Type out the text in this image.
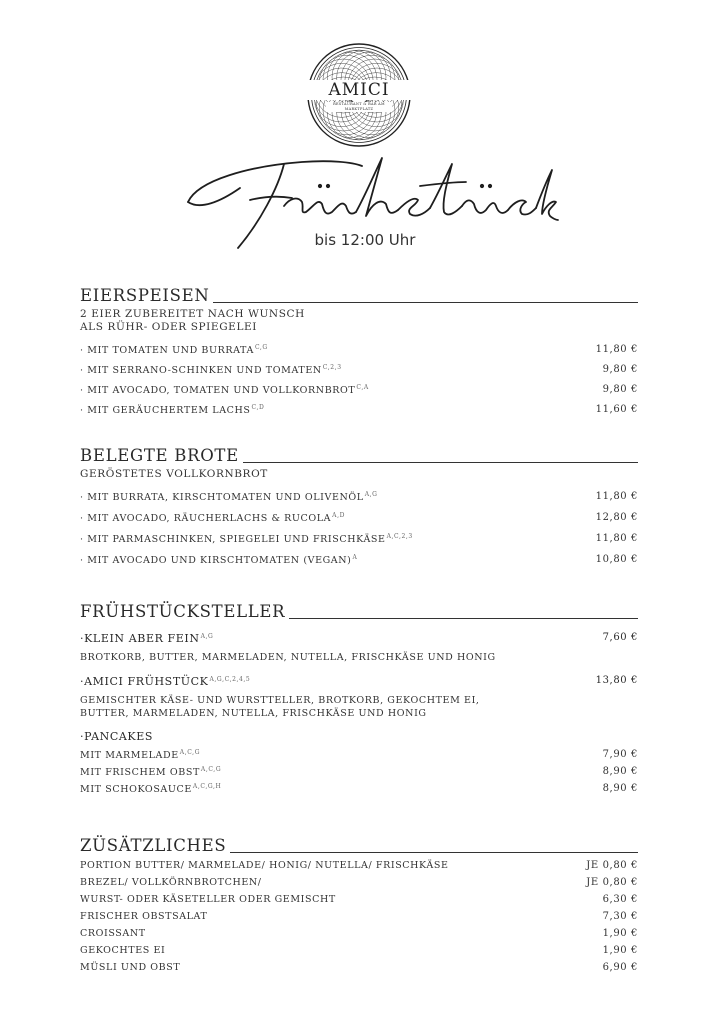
AMICI
RESTAURANT & BAR AM MARKTPLATZ
bis 12:00 Uhr
EIERSPEISEN
2 EIER ZUBEREITET NACH WUNSCH
ALS RÜHR- ODER SPIEGELEI
· MIT TOMATEN UND $BURRATA^{C,G}$	11,80 €
· MIT SERRANO-SCHINKEN UND $TOMATEN^{C,2,3}$	9,80 €
· MIT AVOCADO, TOMATEN UND $VOLLKORNBROT^{C,A}$	9,80 €
· MIT GERÄUCHERTEM $LACHS^{C,D}$	11,60 €
BELEGTE BROTE
GERÖSTETES VOLLKORNBROT
· MIT BURRATA, KIRSCHTOMATEN UND $OLIVENÖL^{A,G}$	11,80 €
· MIT AVOCADO, RÄUCHERLACHS & $RUCOLA^{A,D}$	12,80 €
· MIT PARMASCHINKEN, SPIEGELEI UND $FRISCHKÄSE^{A,C,2,3}$	11,80 €
· MIT AVOCADO UND KIRSCHTOMATEN (VEGAN)$^A$	10,80 €
FRÜHSTÜCKSTELLER
·KLEIN ABER $FEIN^{A,G}$	7,60 €
BROTKORB, BUTTER, MARMELADEN, NUTELLA, FRISCHKÄSE UND HONIG
·AMICI $FRÜHSTÜCK^{A,G,C,2,4,5}$	13,80 €
GEMISCHTER KÄSE- UND WURSTTELLER, BROTKORB, GEKOCHTEM EI,
BUTTER, MARMELADEN, NUTELLA, FRISCHKÄSE UND HONIG
·PANCAKES
MIT $MARMELADE^{A,C,G}$	7,90 €
MIT FRISCHEM $OBST^{A,C,G}$	8,90 €
MIT $SCHOKOSAUCE^{A,C,G,H}$	8,90 €
ZÜSÄTZLICHES
PORTION BUTTER/ MARMELADE/ HONIG/ NUTELLA/ FRISCHKÄSE	JE 0,80 €
BREZEL/ VOLLKÖRNBROTCHEN/	JE 0,80 €
WURST- ODER KÄSETELLER ODER GEMISCHT	6,30 €
FRISCHER OBSTSALAT	7,30 €
CROISSANT	1,90 €
GEKOCHTES EI	1,90 €
MÜSLI UND OBST	6,90 €
